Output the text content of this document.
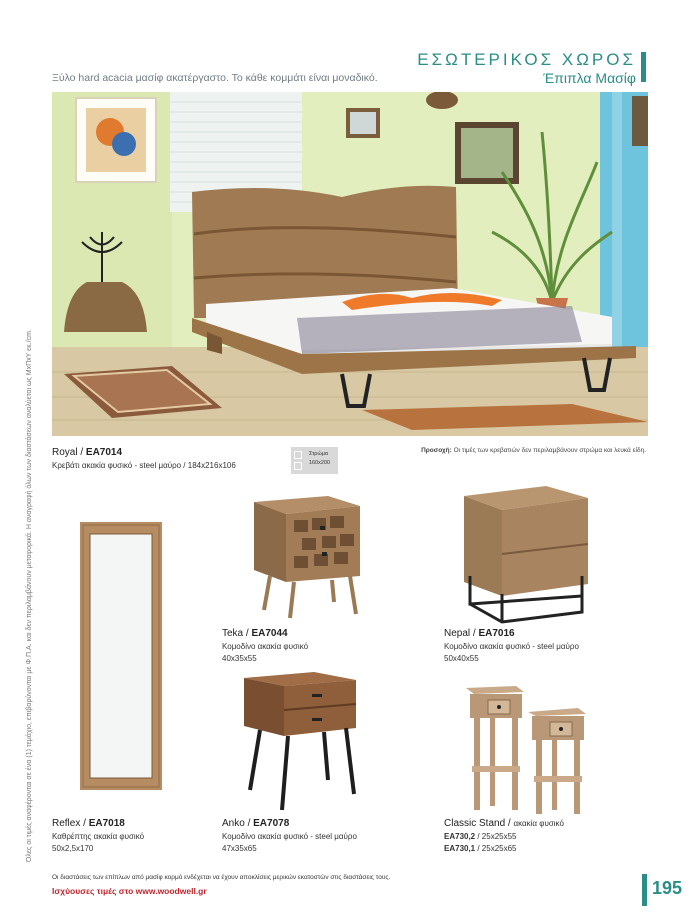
ΕΣΩΤΕΡΙΚΟΣ ΧΩΡΟΣ
Έπιπλα Μασίφ
Ξύλο hard acacia μασίφ ακατέργαστο. Το κάθε κομμάτι είναι μοναδικό.
Όλες οι τιμές αναφέρονται σε ένα (1) τεμάχιο, επιβαρύνονται με Φ.Π.Α. και δεν περιλαμβάνουν μεταφορικά. Η αναγραφή όλων των διαστάσεων αναλύεται ως ΜxΠxΥ εκ./cm. Royal / EA7014
Κρεβάτι ακακία φυσικό - steel μαύρο / 184x216x106
Στρώμα
160x200
Προσοχή: Οι τιμές των κρεβατιών δεν περιλαμβάνουν στρώμα και λευκά είδη.
Teka / EA7044
Κομοδίνο ακακία φυσικό
40x35x55
Nepal / EA7016
Κομοδίνο ακακία φυσικό - steel μαύρο
50x40x55
Anko / EA7078
Κομοδίνο ακακία φυσικό - steel μαύρο
47x35x65
Classic Stand / ακακία φυσικό
EA730,2 / 25x25x55
EA730,1 / 25x25x65
Reflex / EA7018
Καθρέπτης ακακία φυσικό
50x2,5x170
Οι διαστάσεις των επίπλων από μασίφ κορμό ενδέχεται να έχουν αποκλίσεις μερικών εκατοστών στις διαστάσεις τους.
Ισχύουσες τιμές στο www.woodwell.gr	195
